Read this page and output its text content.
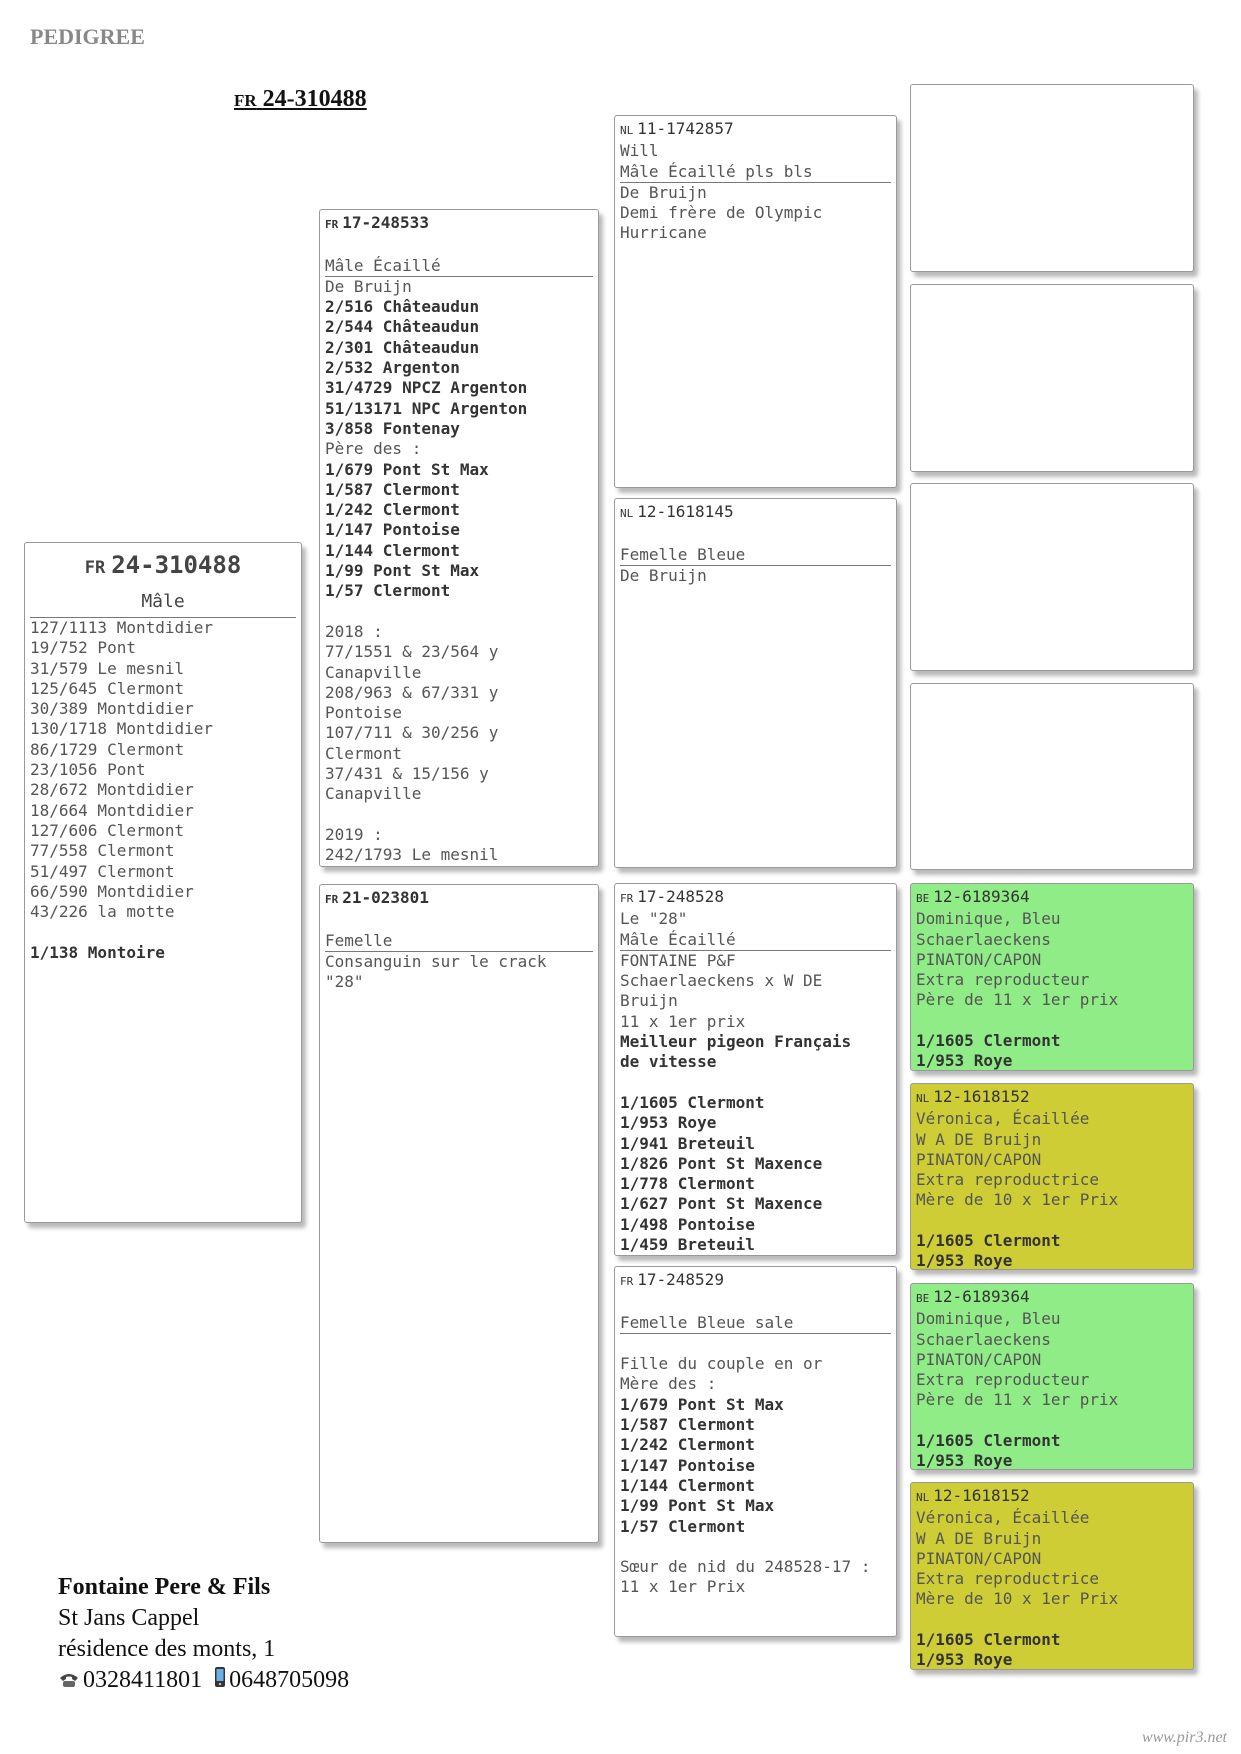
PEDIGREE
FR 24-310488
FR 24-310488
Mâle
127/1113 Montdidier
19/752 Pont
31/579 Le mesnil
125/645 Clermont
30/389 Montdidier
130/1718 Montdidier
86/1729 Clermont
23/1056 Pont
28/672 Montdidier
18/664 Montdidier
127/606 Clermont
77/558 Clermont
51/497 Clermont
66/590 Montdidier
43/226 la motte
1/138 Montoire
FR 17-248533
Mâle Écaillé
De Bruijn
2/516 Châteaudun
2/544 Châteaudun
2/301 Châteaudun
2/532 Argenton
31/4729 NPCZ Argenton
51/13171 NPC Argenton
3/858 Fontenay
Père des :
1/679 Pont St Max
1/587 Clermont
1/242 Clermont
1/147 Pontoise
1/144 Clermont
1/99 Pont St Max
1/57 Clermont
2018 :
77/1551 & 23/564 y
Canapville
208/963 & 67/331 y
Pontoise
107/711 & 30/256 y
Clermont
37/431 & 15/156 y
Canapville
2019 :
242/1793 Le mesnil
FR 21-023801
Femelle
Consanguin sur le crack
"28"
NL 11-1742857
Will
Mâle Écaillé pls bls
De Bruijn
Demi frère de Olympic
Hurricane
NL 12-1618145
Femelle Bleue
De Bruijn
FR 17-248528
Le "28"
Mâle Écaillé
FONTAINE P&F
Schaerlaeckens x W DE
Bruijn
11 x 1er prix
Meilleur pigeon Français
de vitesse
1/1605 Clermont
1/953 Roye
1/941 Breteuil
1/826 Pont St Maxence
1/778 Clermont
1/627 Pont St Maxence
1/498 Pontoise
1/459 Breteuil
FR 17-248529
Femelle Bleue sale
Fille du couple en or
Mère des :
1/679 Pont St Max
1/587 Clermont
1/242 Clermont
1/147 Pontoise
1/144 Clermont
1/99 Pont St Max
1/57 Clermont
Sœur de nid du 248528-17 :
11 x 1er Prix
BE 12-6189364
Dominique, Bleu
Schaerlaeckens
PINATON/CAPON
Extra reproducteur
Père de 11 x 1er prix
1/1605 Clermont
1/953 Roye
NL 12-1618152
Véronica, Écaillée
W A DE Bruijn
PINATON/CAPON
Extra reproductrice
Mère de 10 x 1er Prix
1/1605 Clermont
1/953 Roye
BE 12-6189364
Dominique, Bleu
Schaerlaeckens
PINATON/CAPON
Extra reproducteur
Père de 11 x 1er prix
1/1605 Clermont
1/953 Roye
NL 12-1618152
Véronica, Écaillée
W A DE Bruijn
PINATON/CAPON
Extra reproductrice
Mère de 10 x 1er Prix
1/1605 Clermont
1/953 Roye
Fontaine Pere & Fils
St Jans Cappel
résidence des monts, 1
0328411801 0648705098
www.pir3.net
